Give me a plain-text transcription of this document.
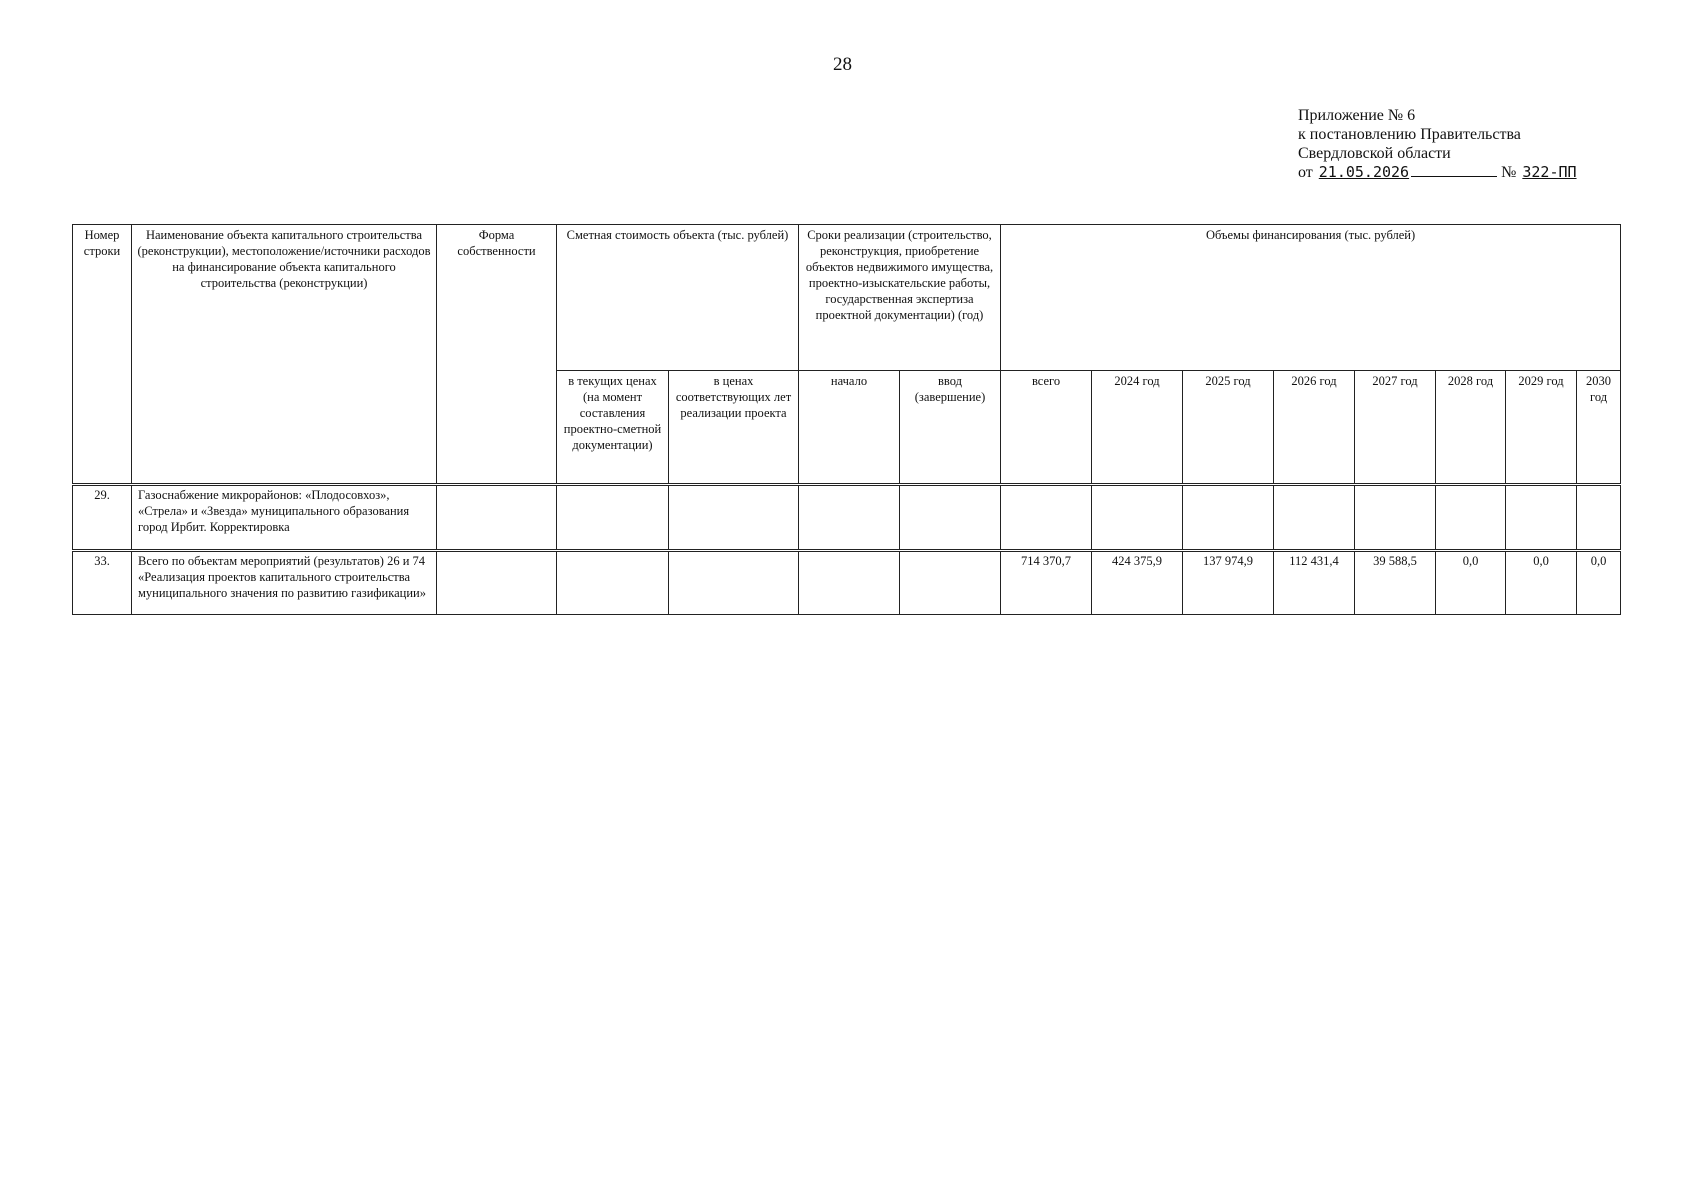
28
Приложение № 6
к постановлению Правительства
Свердловской области
от 21.05.2026	№ 322-ПП
Номер строки	Наименование объекта капитального строительства (реконструкции), местоположение/источники расходов на финансирование объекта капитального строительства (реконструкции)	Форма собственности	Сметная стоимость объекта (тыс. рублей)		Сроки реализации (строительство, реконструкция, приобретение объектов недвижимого имущества, проектно-изыскательские работы, государственная экспертиза проектной документации) (год)		Объемы финансирования (тыс. рублей)							
			в текущих ценах (на момент составления проектно-сметной документации)	в ценах соответствующих лет реализации проекта	начало	ввод (завершение)	всего	2024 год	2025 год	2026 год	2027 год	2028 год	2029 год	2030 год
29.	Газоснабжение микрорайонов: «Плодосовхоз», «Стрела» и «Звезда» муниципального образования город Ирбит. Корректировка													
33.	Всего по объектам мероприятий (результатов) 26 и 74 «Реализация проектов капитального строительства муниципального значения по развитию газификации»						714 370,7	424 375,9	137 974,9	112 431,4	39 588,5	0,0	0,0	0,0
